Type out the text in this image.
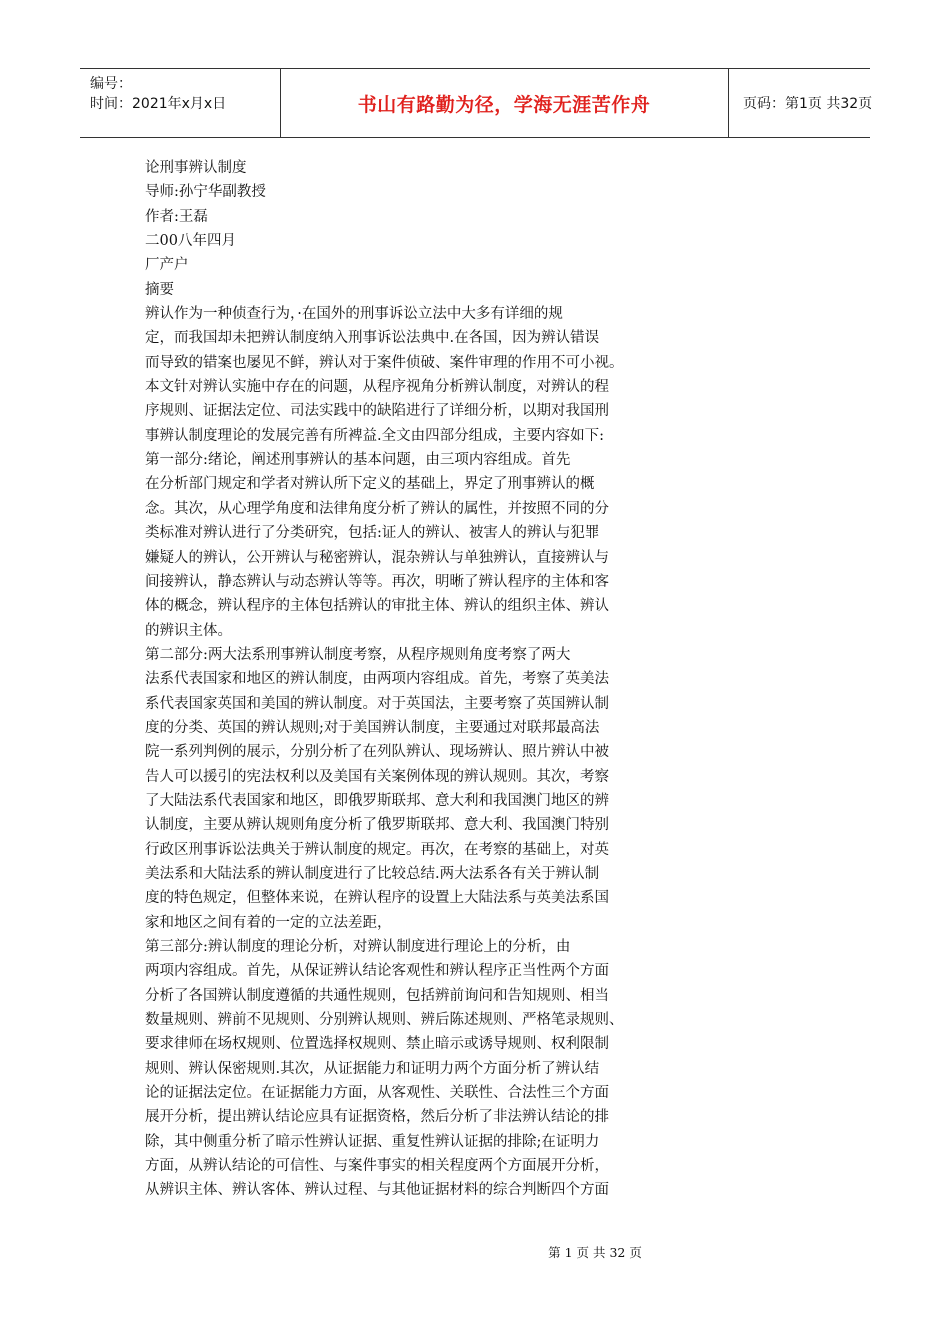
编号：
时间：2021年x月x日	书山有路勤为径，学海无涯苦作舟	页码：第1页 共32页
论刑事辨认制度
导师:孙宁华副教授
作者:王磊
二00八年四月
厂产户
摘要
辨认作为一种侦查行为，·在国外的刑事诉讼立法中大多有详细的规
定，而我国却未把辨认制度纳入刑事诉讼法典中.在各国，因为辨认错误
而导致的错案也屡见不鲜，辨认对于案件侦破、案件审理的作用不可小视。
本文针对辨认实施中存在的问题，从程序视角分析辨认制度，对辨认的程
序规则、证据法定位、司法实践中的缺陷进行了详细分析，以期对我国刑
事辨认制度理论的发展完善有所裨益.全文由四部分组成，主要内容如下:
第一部分:绪论，阐述刑事辨认的基本问题，由三项内容组成。首先
在分析部门规定和学者对辨认所下定义的基础上，界定了刑事辨认的概
念。其次，从心理学角度和法律角度分析了辨认的属性，并按照不同的分
类标准对辨认进行了分类研究，包括:证人的辨认、被害人的辨认与犯罪
嫌疑人的辨认，公开辨认与秘密辨认，混杂辨认与单独辨认，直接辨认与
间接辨认，静态辨认与动态辨认等等。再次，明晰了辨认程序的主体和客
体的概念，辨认程序的主体包括辨认的审批主体、辨认的组织主体、辨认
的辨识主体。
第二部分:两大法系刑事辨认制度考察，从程序规则角度考察了两大
法系代表国家和地区的辨认制度，由两项内容组成。首先，考察了英美法
系代表国家英国和美国的辨认制度。对于英国法，主要考察了英国辨认制
度的分类、英国的辨认规则;对于美国辨认制度，主要通过对联邦最高法
院一系列判例的展示，分别分析了在列队辨认、现场辨认、照片辨认中被
告人可以援引的宪法权利以及美国有关案例体现的辨认规则。其次，考察
了大陆法系代表国家和地区，即俄罗斯联邦、意大利和我国澳门地区的辨
认制度，主要从辨认规则角度分析了俄罗斯联邦、意大利、我国澳门特别
行政区刑事诉讼法典关于辨认制度的规定。再次，在考察的基础上，对英
美法系和大陆法系的辨认制度进行了比较总结.两大法系各有关于辨认制
度的特色规定，但整体来说，在辨认程序的设置上大陆法系与英美法系国
家和地区之间有着的一定的立法差距，
第三部分:辨认制度的理论分析，对辨认制度进行理论上的分析，由
两项内容组成。首先，从保证辨认结论客观性和辨认程序正当性两个方面
分析了各国辨认制度遵循的共通性规则，包括辨前询问和告知规则、相当
数量规则、辨前不见规则、分别辨认规则、辨后陈述规则、严格笔录规则、
要求律师在场权规则、位置选择权规则、禁止暗示或诱导规则、权利限制
规则、辨认保密规则.其次，从证据能力和证明力两个方面分析了辨认结
论的证据法定位。在证据能力方面，从客观性、关联性、合法性三个方面
展开分析，提出辨认结论应具有证据资格，然后分析了非法辨认结论的排
除，其中侧重分析了暗示性辨认证据、重复性辨认证据的排除;在证明力
方面，从辨认结论的可信性、与案件事实的相关程度两个方面展开分析，
从辨识主体、辨认客体、辨认过程、与其他证据材料的综合判断四个方面
第 1 页 共 32 页
